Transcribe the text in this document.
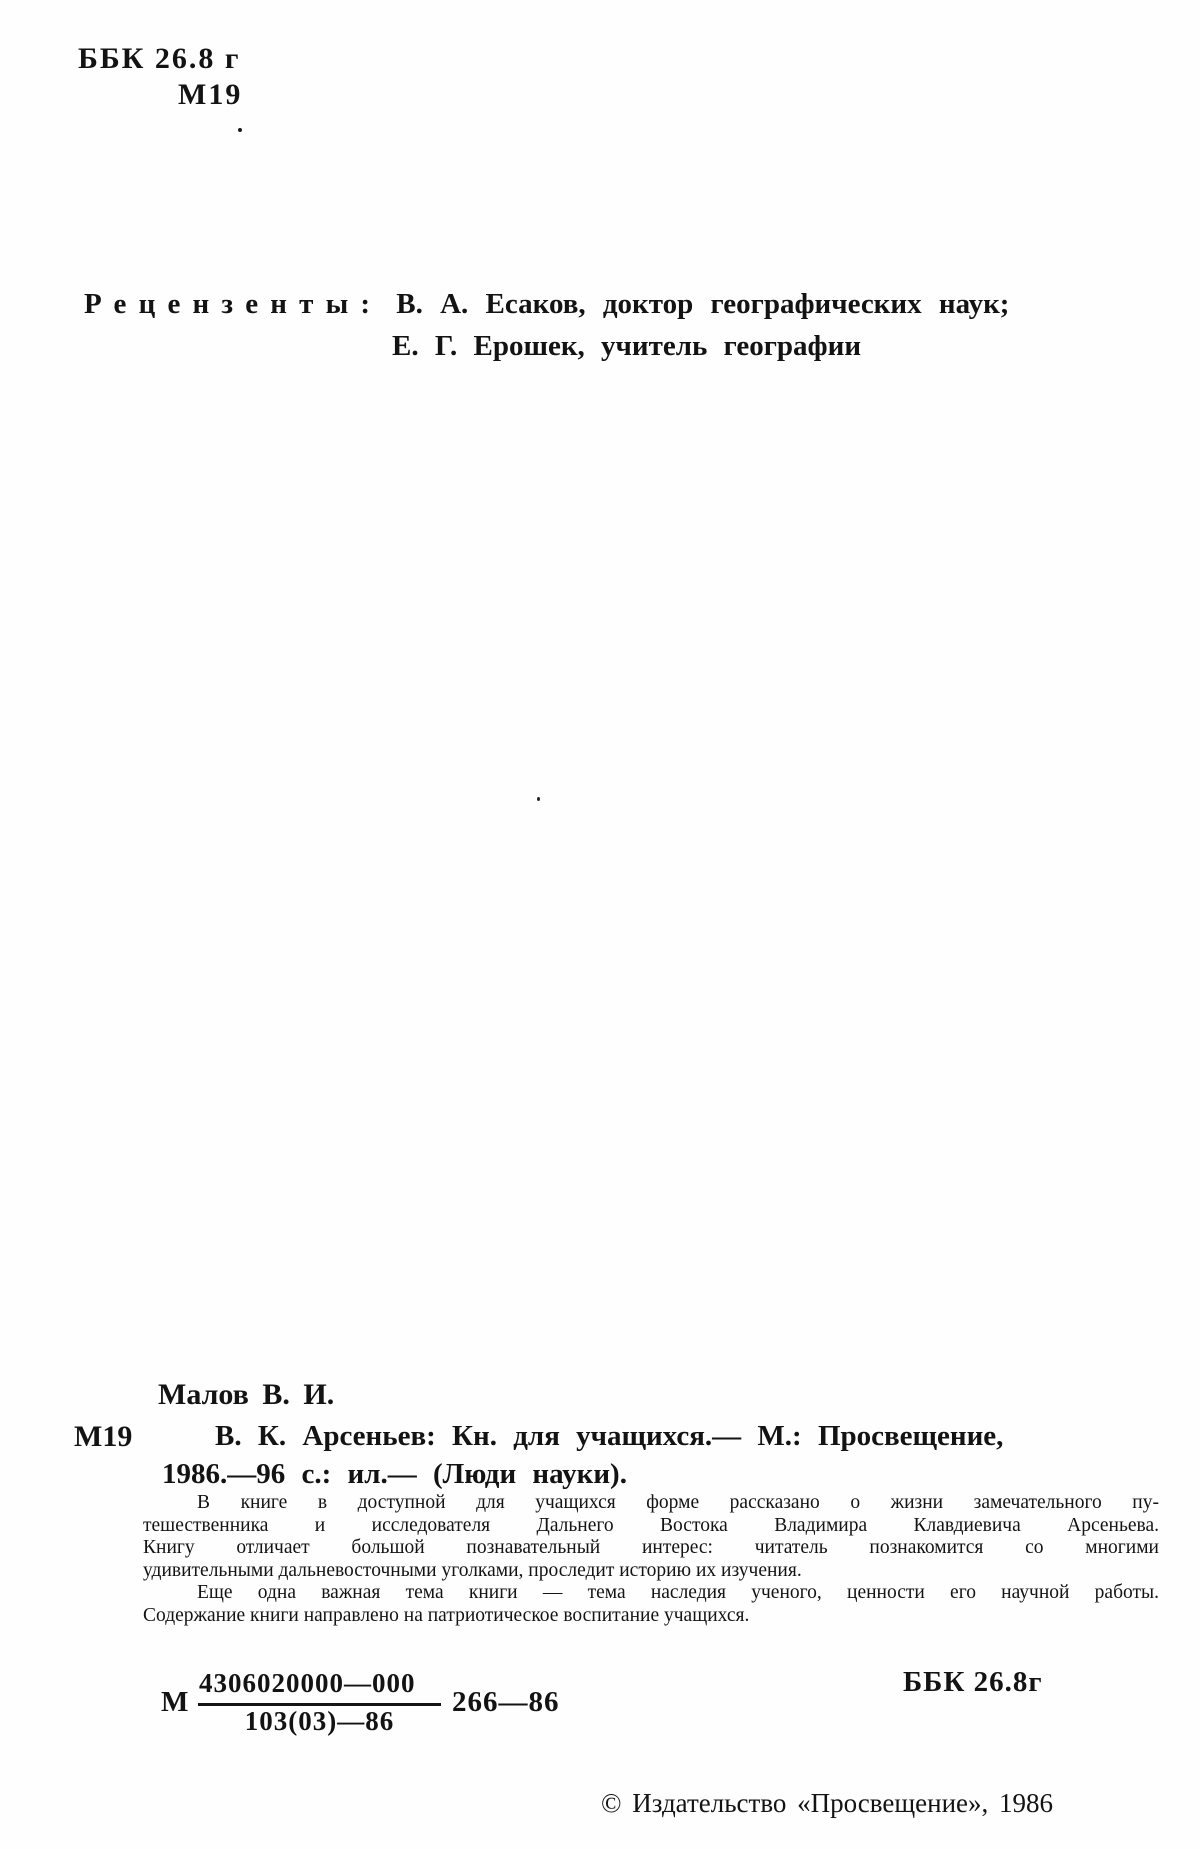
ББК 26.8 г
М19
Рецензенты: В. А. Есаков, доктор географических наук;
Е. Г. Ерошек, учитель географии
Малов В. И.
М19	В. К. Арсеньев: Кн. для учащихся.— М.: Просвещение,
1986.—96 с.: ил.— (Люди науки).
В книге в доступной для учащихся форме рассказано о жизни замечательного пу-
тешественника и исследователя Дальнего Востока Владимира Клавдиевича Арсеньева.
Книгу отличает большой познавательный интерес: читатель познакомится со многими
удивительными дальневосточными уголками, проследит историю их изучения.
Еще одна важная тема книги — тема наследия ученого, ценности его научной работы.
Содержание книги направлено на патриотическое воспитание учащихся.
М
4306020000—000
103(03)—86
266—86
ББК 26.8г
© Издательство «Просвещение», 1986
